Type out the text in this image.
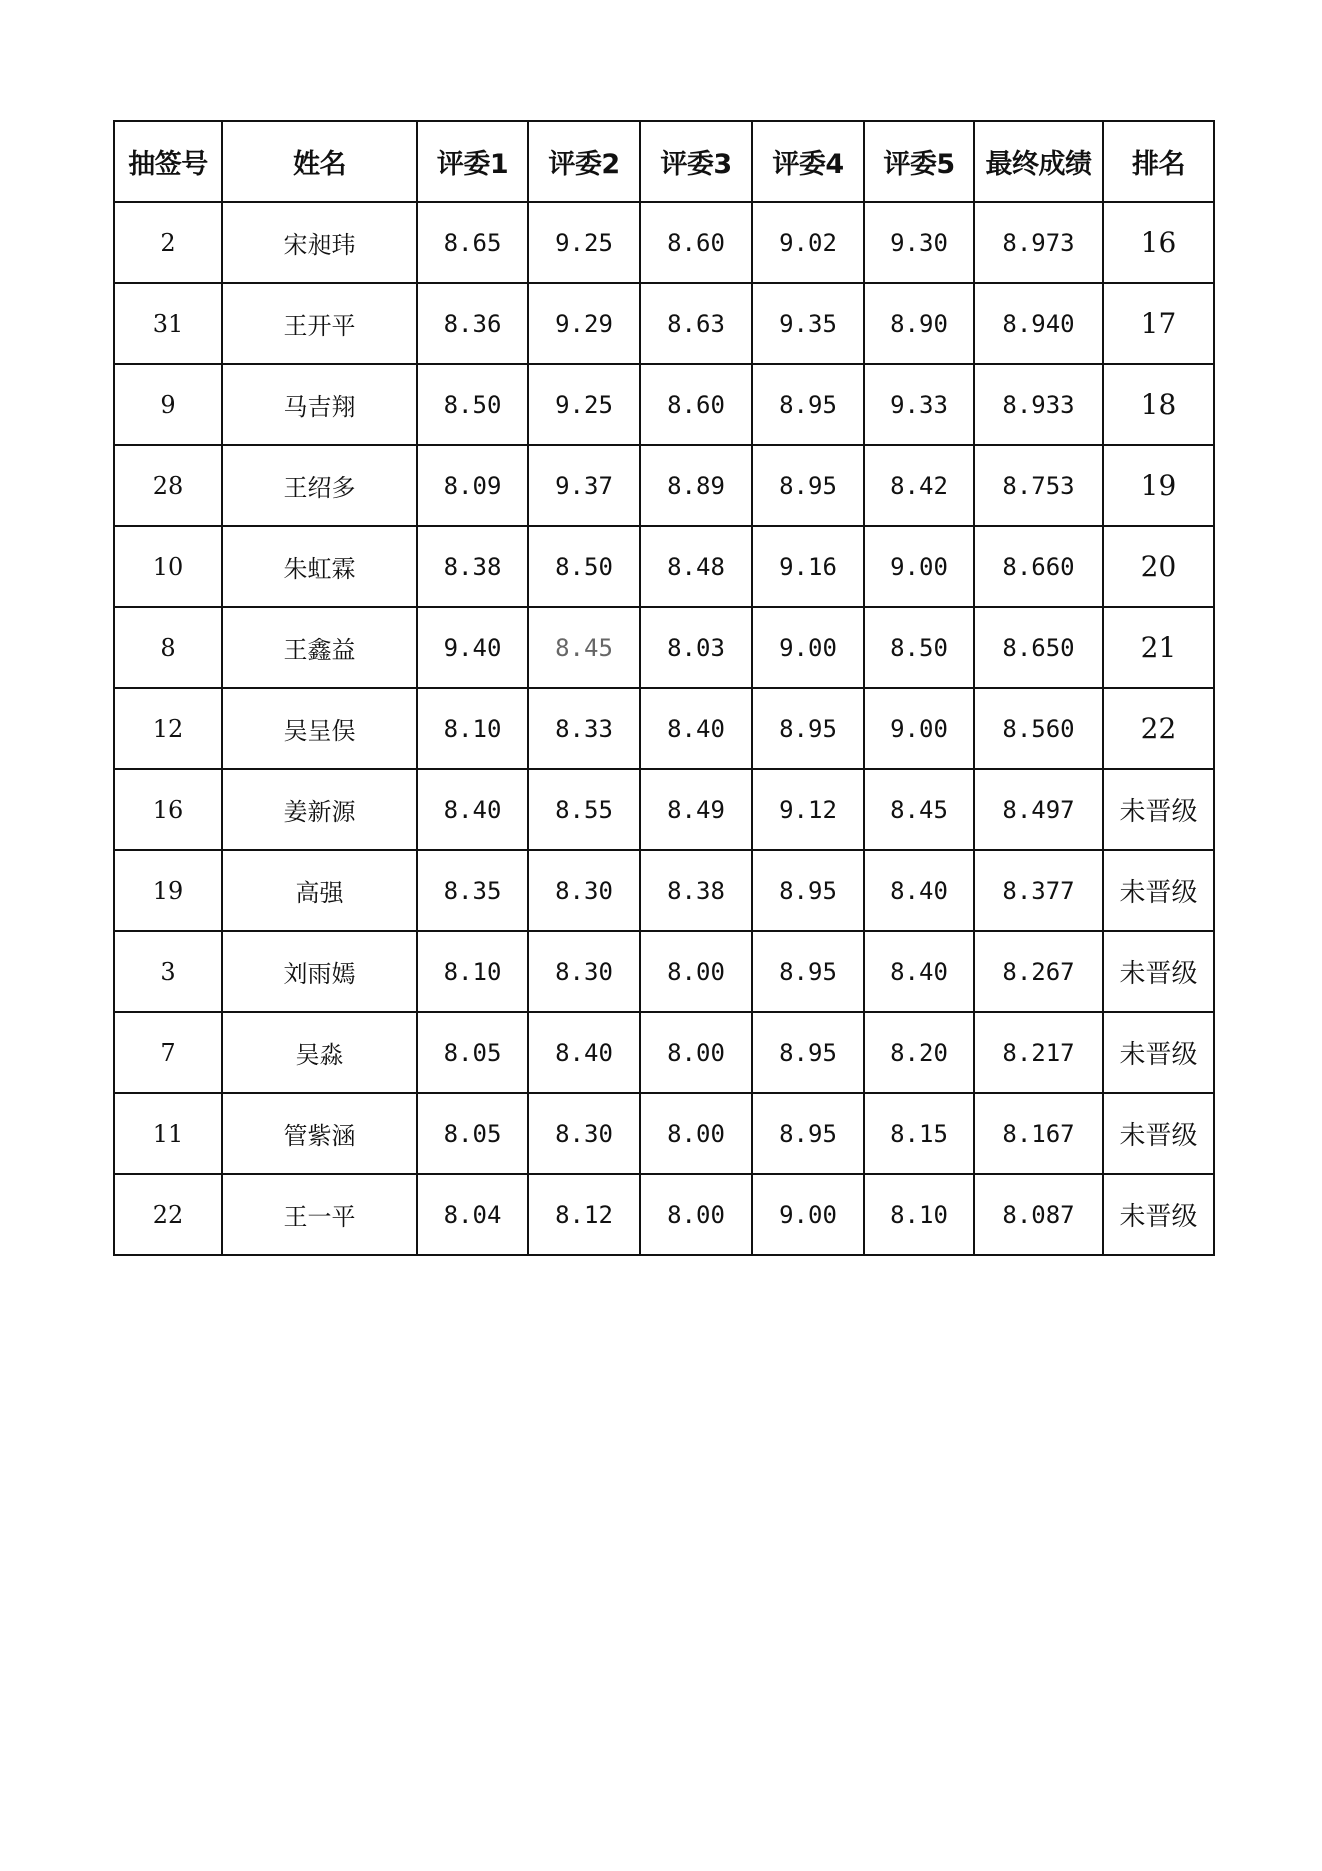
抽签号	姓名	评委1	评委2	评委3	评委4	评委5	最终成绩	排名
2	宋昶玮	8.65	9.25	8.60	9.02	9.30	8.973	16
31	王开平	8.36	9.29	8.63	9.35	8.90	8.940	17
9	马吉翔	8.50	9.25	8.60	8.95	9.33	8.933	18
28	王绍多	8.09	9.37	8.89	8.95	8.42	8.753	19
10	朱虹霖	8.38	8.50	8.48	9.16	9.00	8.660	20
8	王鑫益	9.40	8.45	8.03	9.00	8.50	8.650	21
12	吴呈俣	8.10	8.33	8.40	8.95	9.00	8.560	22
16	姜新源	8.40	8.55	8.49	9.12	8.45	8.497	未晋级
19	高强	8.35	8.30	8.38	8.95	8.40	8.377	未晋级
3	刘雨嫣	8.10	8.30	8.00	8.95	8.40	8.267	未晋级
7	吴淼	8.05	8.40	8.00	8.95	8.20	8.217	未晋级
11	管紫涵	8.05	8.30	8.00	8.95	8.15	8.167	未晋级
22	王一平	8.04	8.12	8.00	9.00	8.10	8.087	未晋级
